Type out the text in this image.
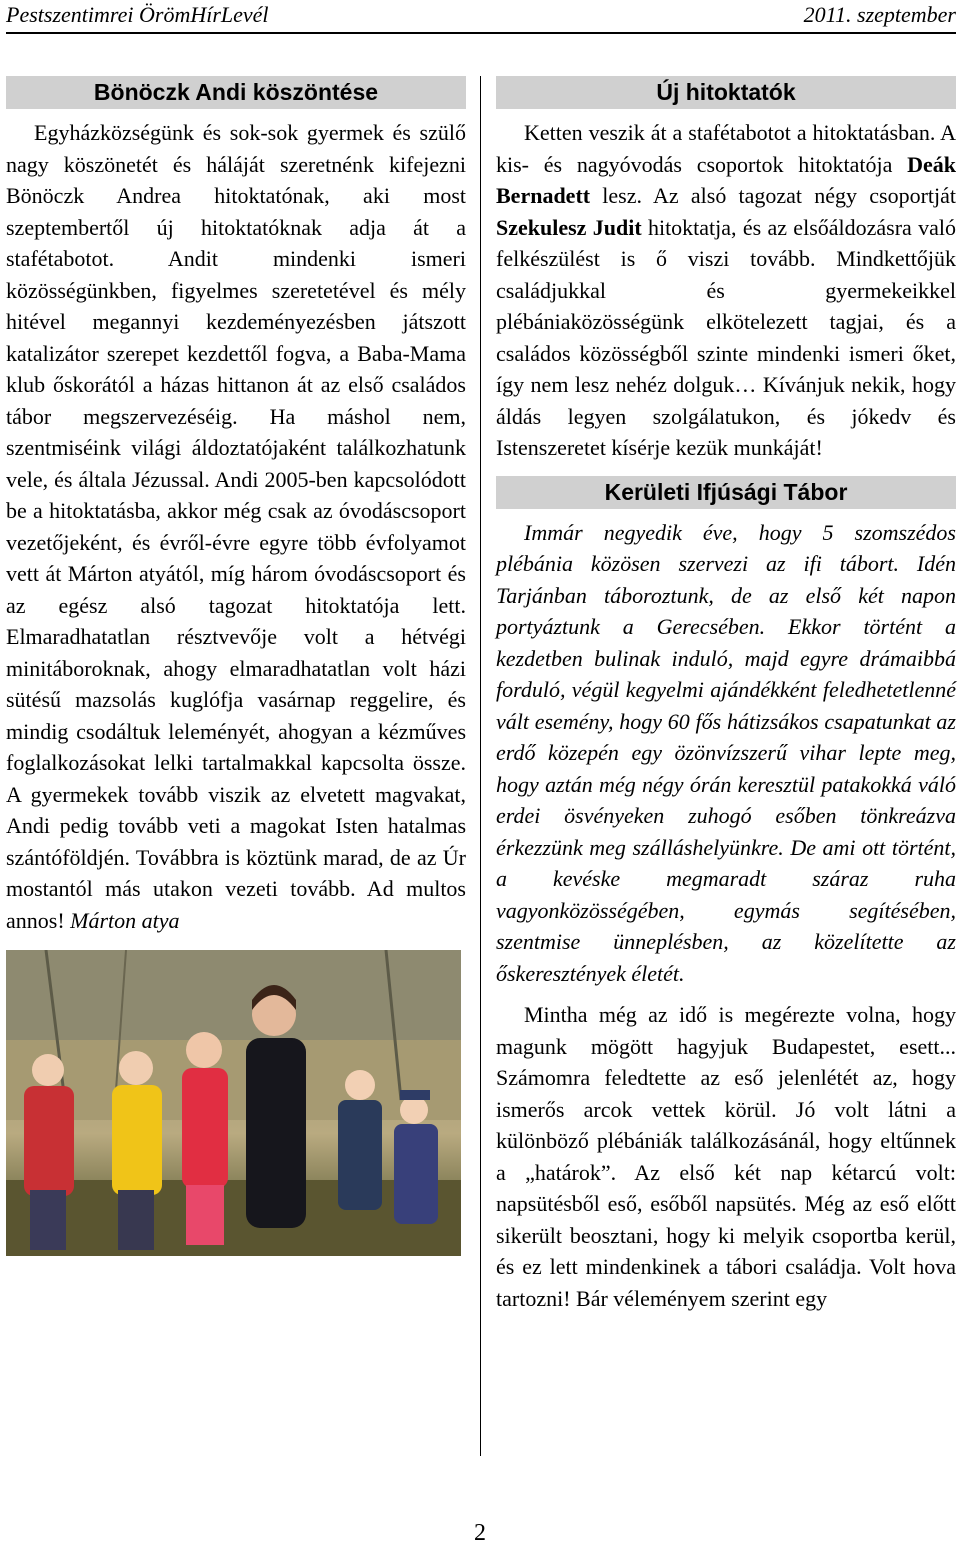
Pestszentimrei ÖrömHírLevél	2011. szeptember
Bönöczk Andi köszöntése

Egyházközségünk és sok-sok gyermek és szülő nagy köszönetét és háláját szeretnénk kifejezni Bönöczk Andrea hitoktatónak, aki most szeptembertől új hitoktatóknak adja át a stafétabotot. Andit mindenki ismeri közösségünkben, figyelmes szeretetével és mély hitével megannyi kezdeményezésben játszott katalizátor szerepet kezdettől fogva, a Baba-Mama klub őskorától a házas hittanon át az első családos tábor megszervezéséig. Ha máshol nem, szentmiséink világi áldoztatójaként találkozhatunk vele, és általa Jézussal. Andi 2005-ben kapcsolódott be a hitoktatásba, akkor még csak az óvodáscsoport vezetőjeként, és évről-évre egyre több évfolyamot vett át Márton atyától, míg három óvodáscsoport és az egész alsó tagozat hitoktatója lett. Elmaradhatatlan résztvevője volt a hétvégi minitáboroknak, ahogy elmaradhatatlan volt házi sütésű mazsolás kuglófja vasárnap reggelire, és mindig csodáltuk leleményét, ahogyan a kézműves foglalkozásokat lelki tartalmakkal kapcsolta össze. A gyermekek tovább viszik az elvetett magvakat, Andi pedig tovább veti a magokat Isten hatalmas szántóföldjén. Továbbra is köztünk marad, de az Úr mostantól más utakon vezeti tovább. Ad multos annos! Márton atya

Új hitoktatók

Ketten veszik át a stafétabotot a hitoktatásban. A kis- és nagyóvodás csoportok hitoktatója Deák Bernadett lesz. Az alsó tagozat négy csoportját Szekulesz Judit hitoktatja, és az elsőáldozásra való felkészülést is ő viszi tovább. Mindkettőjük családjukkal és gyermekeikkel plébániaközösségünk elkötelezett tagjai, és a családos közösségből szinte mindenki ismeri őket, így nem lesz nehéz dolguk… Kívánjuk nekik, hogy áldás legyen szolgálatukon, és jókedv és Istenszeretet kísérje kezük munkáját!

Kerületi Ifjúsági Tábor

Immár negyedik éve, hogy 5 szomszédos plébánia közösen szervezi az ifi tábort. Idén Tarjánban táboroztunk, de az első két napon portyáztunk a Gerecsében. Ekkor történt a kezdetben bulinak induló, majd egyre drámaibbá forduló, végül kegyelmi ajándékként feledhetetlenné vált esemény, hogy 60 fős hátizsákos csapatunkat az erdő közepén egy özönvízszerű vihar lepte meg, hogy aztán még négy órán keresztül patakokká váló erdei ösvényeken zuhogó esőben tönkreázva érkezzünk meg szálláshelyünkre. De ami ott történt, a kevéske megmaradt száraz ruha vagyonközösségében, egymás segítésében, szentmise ünneplésben, az közelítette az őskeresztények életét.

Mintha még az idő is megérezte volna, hogy magunk mögött hagyjuk Budapestet, esett... Számomra feledtette az eső jelenlétét az, hogy ismerős arcok vettek körül. Jó volt látni a különböző plébániák találkozásánál, hogy eltűnnek a „határok”. Az első két nap kétarcú volt: napsütésből eső, esőből napsütés. Még az eső előtt sikerült beosztani, hogy ki melyik csoportba kerül, és ez lett mindenkinek a tábori családja. Volt hova tartozni! Bár véleményem szerint egy

2
